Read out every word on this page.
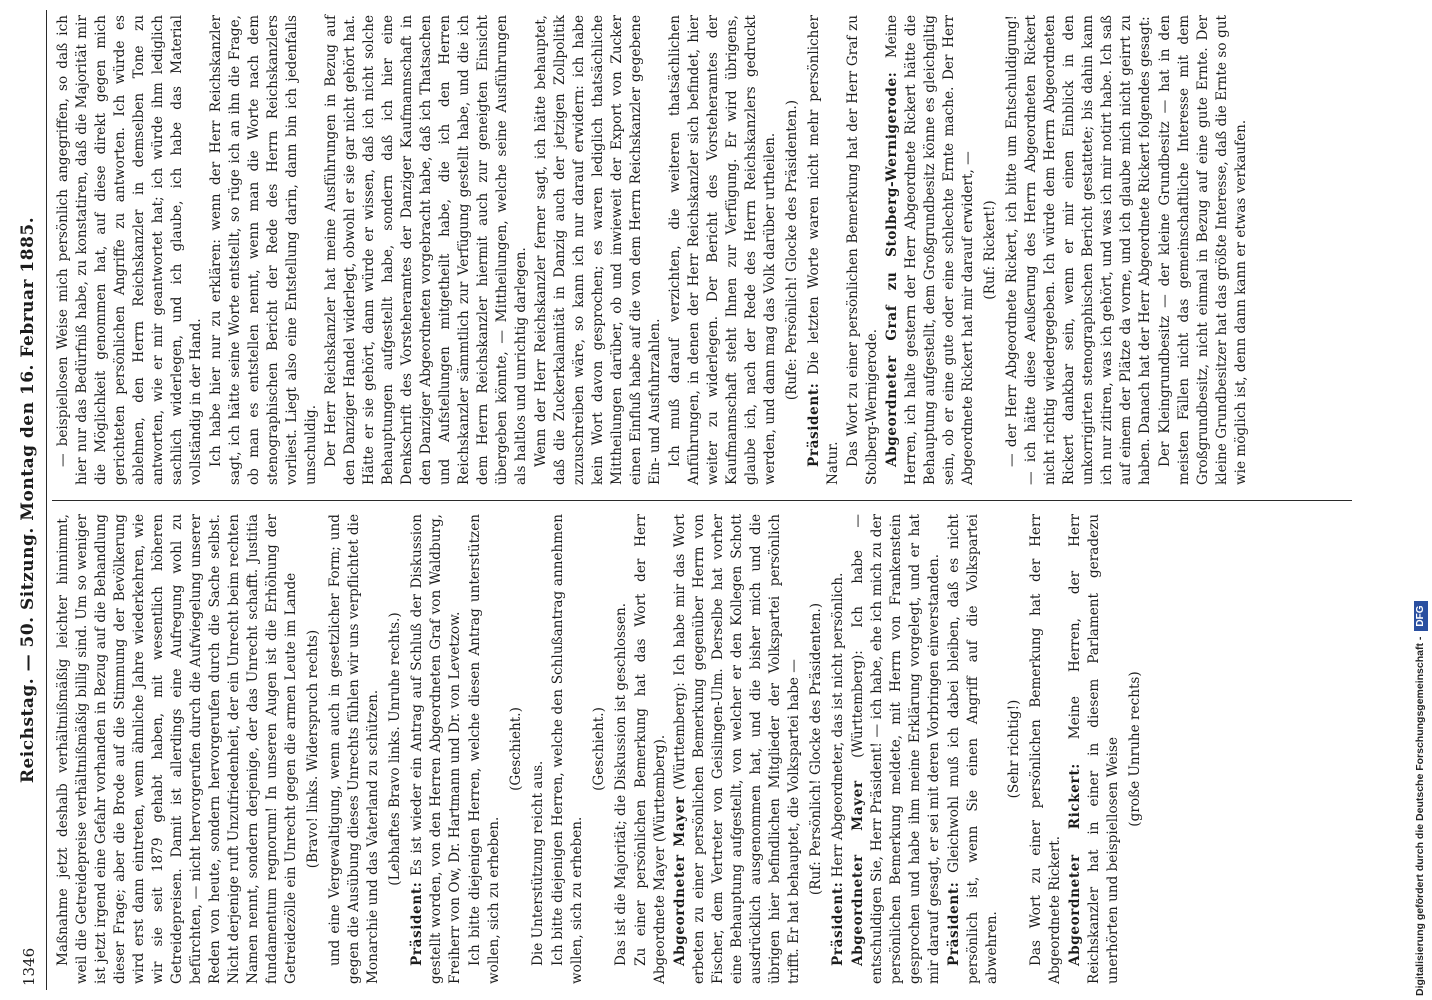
1346
Reichstag. — 50. Sitzung. Montag den 16. Februar 1885. Maßnahme jetzt deshalb verhältnißmäßig leichter hinnimmt, weil die Getreidepreise verhältnißmäßig billig sind. Um so weniger ist jetzt irgend eine Gefahr vorhanden in Bezug auf die Behandlung dieser Frage; aber die Brode auf die Stimmung der Bevölkerung wird erst dann eintreten, wenn ähnliche Jahre wiederkehren, wie wir sie seit 1879 gehabt haben, mit wesentlich höheren Getreidepreisen. Damit ist allerdings eine Aufregung wohl zu befürchten, — nicht hervorgerufen durch die Aufwiegelung unserer Reden von heute, sondern hervorgerufen durch die Sache selbst. Nicht derjenige ruft Unzufriedenheit, der ein Unrecht beim rechten Namen nennt, sondern derjenige, der das Unrecht schafft. Justitia fundamentum regnorum! In unseren Augen ist die Erhöhung der Getreidezölle ein Unrecht gegen die armen Leute im Lande (Bravo! links. Widerspruch rechts) und eine Vergewaltigung, wenn auch in gesetzlicher Form; und gegen die Ausübung dieses Unrechts fühlen wir uns verpflichtet die Monarchie und das Vaterland zu schützen. (Lebhaftes Bravo links. Unruhe rechts.)

Präsident: Es ist wieder ein Antrag auf Schluß der Diskussion gestellt worden, von den Herren Abgeordneten Graf von Waldburg, Freiherr von Ow, Dr. Hartmann und Dr. von Levetzow. Ich bitte diejenigen Herren, welche diesen Antrag unterstützen wollen, sich zu erheben.

(Geschieht.)

Die Unterstützung reicht aus. Ich bitte diejenigen Herren, welche den Schlußantrag annehmen wollen, sich zu erheben.

(Geschieht.) Das ist die Majorität; die Diskussion ist geschlossen. Zu einer persönlichen Bemerkung hat das Wort der Herr Abgeordnete Mayer (Württemberg). Abgeordneter Mayer (Württemberg): Ich habe mir das Wort erbeten zu einer persönlichen Bemerkung gegenüber Herrn von Fischer, dem Vertreter von Geislingen-Ulm. Derselbe hat vorher eine Behauptung aufgestellt, von welcher er den Kollegen Schott ausdrücklich ausgenommen hat, und die bisher mich und die übrigen hier befindlichen Mitglieder der Volkspartei persönlich trifft. Er hat behauptet, die Volkspartei habe — (Ruf: Persönlich! Glocke des Präsidenten.)

Präsident: Herr Abgeordneter, das ist nicht persönlich. Abgeordneter Mayer (Württemberg): Ich habe — entschuldigen Sie, Herr Präsident! — ich habe, ehe ich mich zu der persönlichen Bemerkung meldete, mit Herrn von Frankenstein gesprochen und habe ihm meine Erklärung vorgelegt, und er hat mir darauf gesagt, er sei mit deren Vorbringen einverstanden. Präsident: Gleichwohl muß ich dabei bleiben, daß es nicht persönlich ist, wenn Sie einen Angriff auf die Volkspartei abwehren.

(Sehr richtig!) Das Wort zu einer persönlichen Bemerkung hat der Herr Abgeordnete Rickert. Abgeordneter Rickert: Meine Herren, der Herr Reichskanzler hat in einer in diesem Parlament geradezu unerhörten und beispiellosen Weise (große Unruhe rechts)

— beispiellosen Weise mich persönlich angegriffen, so daß ich hier nur das Bedürfniß habe, zu konstatiren, daß die Majorität mir die Möglichkeit genommen hat, auf diese direkt gegen mich gerichteten persönlichen Angriffe zu antworten. Ich würde es ablehnen, den Herrn Reichskanzler in demselben Tone zu antworten, wie er mir geantwortet hat; ich würde ihm lediglich sachlich widerlegen, und ich glaube, ich habe das Material vollständig in der Hand. Ich habe hier nur zu erklären: wenn der Herr Reichskanzler sagt, ich hätte seine Worte entstellt, so rüge ich an ihn die Frage, ob man es entstellen nennt, wenn man die Worte nach dem stenographischen Bericht der Rede des Herrn Reichskanzlers vorliest. Liegt also eine Entstellung darin, dann bin ich jedenfalls unschuldig. Der Herr Reichskanzler hat meine Ausführungen in Bezug auf den Danziger Handel widerlegt, obwohl er sie gar nicht gehört hat. Hätte er sie gehört, dann würde er wissen, daß ich nicht solche Behauptungen aufgestellt habe, sondern daß ich hier eine Denkschrift des Vorsteheramtes der Danziger Kaufmannschaft in den Danziger Abgeordneten vorgebracht habe, daß ich Thatsachen und Aufstellungen mitgetheilt habe, die ich den Herren Reichskanzler sämmtlich zur Verfügung gestellt habe, und die ich dem Herrn Reichskanzler hiermit auch zur geneigten Einsicht übergeben könnte, — Mittheilungen, welche seine Ausführungen als haltlos und unrichtig darlegen. Wenn der Herr Reichskanzler ferner sagt, ich hätte behauptet, daß die Zuckerkalamität in Danzig auch der jetzigen Zollpolitik zuzuschreiben wäre, so kann ich nur darauf erwidern: ich habe kein Wort davon gesprochen; es waren lediglich thatsächliche Mittheilungen darüber, ob und inwieweit der Export von Zucker einen Einfluß habe auf die von dem Herrn Reichskanzler gegebene Ein- und Ausfuhrzahlen. Ich muß darauf verzichten, die weiteren thatsächlichen Anführungen, in denen der Herr Reichskanzler sich befindet, hier weiter zu widerlegen. Der Bericht des Vorsteheramtes der Kaufmannschaft steht Ihnen zur Verfügung. Er wird übrigens, glaube ich, nach der Rede des Herrn Reichskanzlers gedruckt werden, und dann mag das Volk darüber urtheilen. (Rufe: Persönlich! Glocke des Präsidenten.)

Präsident: Die letzten Worte waren nicht mehr persönlicher Natur. Das Wort zu einer persönlichen Bemerkung hat der Herr Graf zu Stolberg-Wernigerode. Abgeordneter Graf zu Stolberg-Wernigerode: Meine Herren, ich halte gestern der Herr Abgeordnete Rickert hätte die Behauptung aufgestellt, dem Großgrundbesitz könne es gleichgiltig sein, ob er eine gute oder eine schlechte Ernte mache. Der Herr Abgeordnete Rickert hat mir darauf erwidert, — (Ruf: Rickert!) — der Herr Abgeordnete Rickert, ich bitte um Entschuldigung! — ich hätte diese Aeußerung des Herrn Abgeordneten Rickert nicht richtig wiedergegeben. Ich würde dem Herrn Abgeordneten Rickert dankbar sein, wenn er mir einen Einblick in den unkorrigirten stenographischen Bericht gestattete; bis dahin kann ich nur zitiren, was ich gehört, und was ich mir notirt habe. Ich saß auf einem der Plätze da vorne, und ich glaube mich nicht geirrt zu haben. Danach hat der Herr Abgeordnete Rickert folgendes gesagt: Der Kleingrundbesitz — der kleine Grundbesitz — hat in den meisten Fällen nicht das gemeinschaftliche Interesse mit dem Großgrundbesitz, nicht einmal in Bezug auf eine gute Ernte. Der kleine Grundbesitzer hat das größte Interesse, daß die Ernte so gut wie möglich ist, denn dann kann er etwas verkaufen.

Digitalisierung gefördert durch die Deutsche Forschungsgemeinschaft -DFG
